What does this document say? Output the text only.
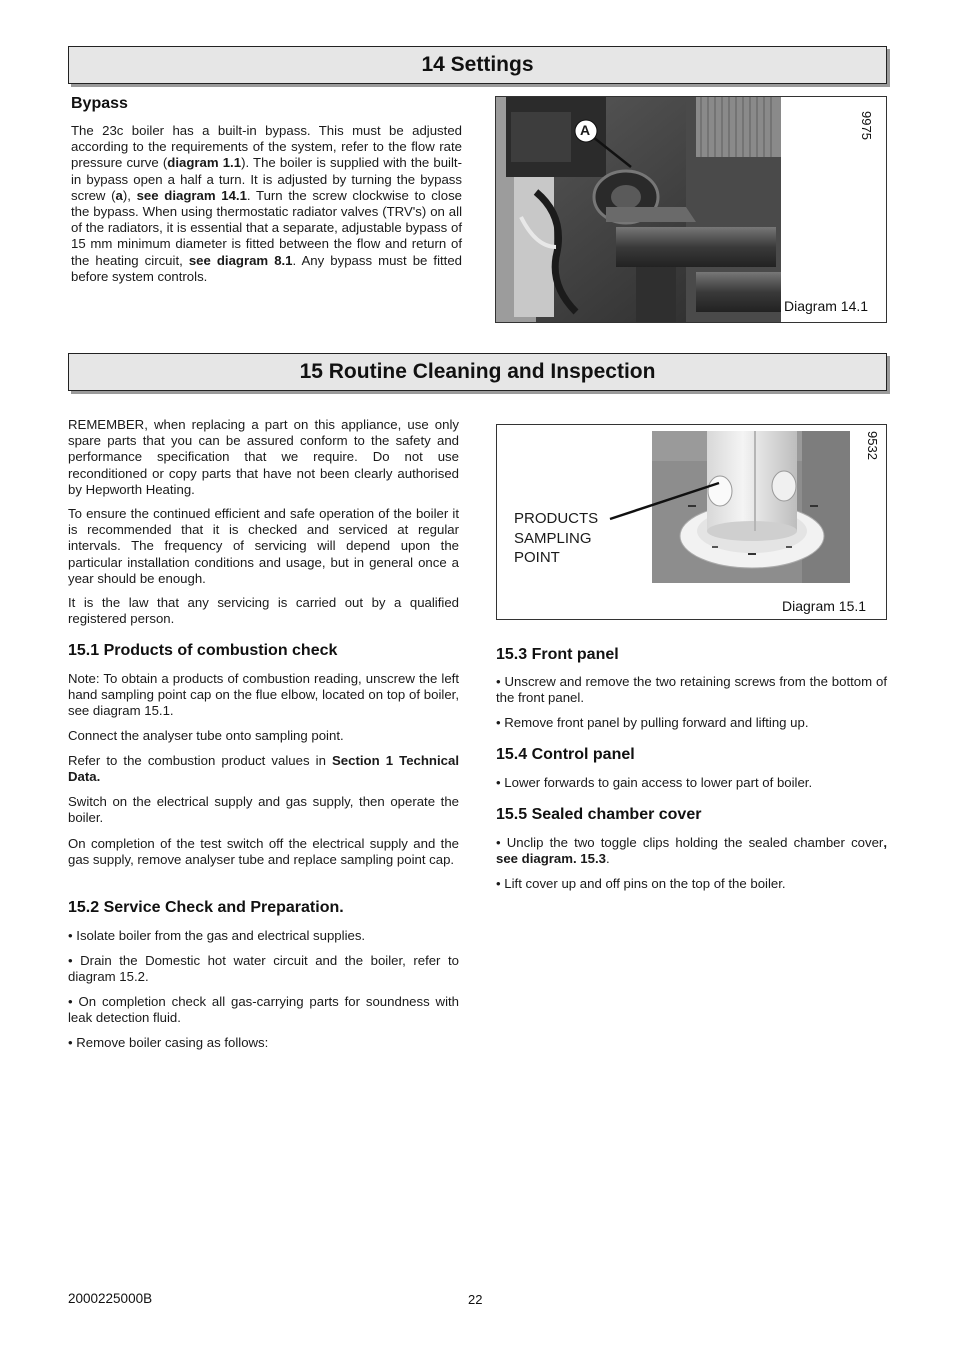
14 Settings
Bypass

The 23c boiler has a built-in bypass. This must be adjusted according to the requirements of the system, refer to the flow rate pressure curve (diagram 1.1). The boiler is supplied with the built-in bypass open a half a turn. It is adjusted by turning the bypass screw (a), see diagram 14.1. Turn the screw clockwise to close the bypass. When using thermostatic radiator valves (TRV's) on all of the radiators, it is essential that a separate, adjustable bypass of 15 mm minimum diameter is fitted between the flow and return of the heating circuit, see diagram 8.1. Any bypass must be fitted before system controls.

A	9975
Diagram 14.1
15 Routine Cleaning and Inspection

REMEMBER, when replacing a part on this appliance, use only spare parts that you can be assured conform to the safety and performance specification that we require. Do not use reconditioned or copy parts that have not been clearly authorised by Hepworth Heating.

To ensure the continued efficient and safe operation of the boiler it is recommended that it is checked and serviced at regular intervals. The frequency of servicing will depend upon the particular installation conditions and usage, but in general once a year should be enough.

It is the law that any servicing is carried out by a qualified registered person.

15.1 Products of combustion check

Note: To obtain a products of combustion reading, unscrew the left hand sampling point cap on the flue elbow, located on top of boiler, see diagram 15.1.

Connect the analyser tube onto sampling point.

Refer to the combustion product values in Section 1 Technical Data.

Switch on the electrical supply and gas supply, then operate the boiler.

On completion of the test switch off the electrical supply and the gas supply, remove analyser tube and replace sampling point cap.

15.2 Service Check and Preparation.

• Isolate boiler from the gas and electrical supplies.

• Drain the Domestic hot water circuit and the boiler, refer to diagram 15.2.

• On completion check all gas-carrying parts for soundness with leak detection fluid.

• Remove boiler casing as follows:

PRODUCTS
SAMPLING
POINT
9532
Diagram 15.1
15.3 Front panel

• Unscrew and remove the two retaining screws from the bottom of the front panel.

• Remove front panel by pulling forward and lifting up.

15.4 Control panel

• Lower forwards to gain access to lower part of boiler.

15.5 Sealed chamber cover

• Unclip the two toggle clips holding the sealed chamber cover, see diagram. 15.3.

• Lift cover up and off pins on the top of the boiler.

2000225000B	22
